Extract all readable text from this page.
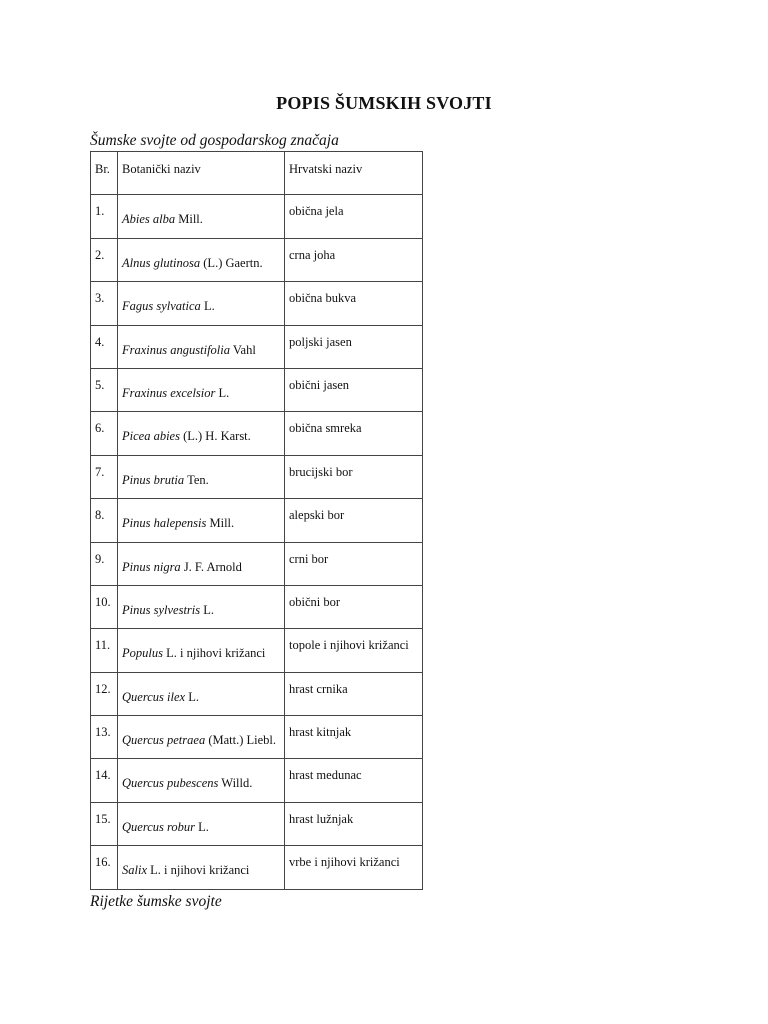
POPIS ŠUMSKIH SVOJTI
Šumske svojte od gospodarskog značaja
Br.	Botanički naziv	Hrvatski naziv

1.	Abies alba Mill.	obična jela

2.	Alnus glutinosa (L.) Gaertn.	crna joha

3.	Fagus sylvatica L.	obična bukva

4.	Fraxinus angustifolia Vahl	poljski jasen

5.	Fraxinus excelsior L.	obični jasen

6.	Picea abies (L.) H. Karst.	obična smreka

7.	Pinus brutia Ten.	brucijski bor

8.	Pinus halepensis Mill.	alepski bor

9.	Pinus nigra J. F. Arnold	crni bor

10.	Pinus sylvestris L.	obični bor

11.	Populus L. i njihovi križanci	topole i njihovi križanci

12.	Quercus ilex L.	hrast crnika

13.	Quercus petraea (Matt.) Liebl.	hrast kitnjak

14.	Quercus pubescens Willd.	hrast medunac

15.	Quercus robur L.	hrast lužnjak

16.	Salix L. i njihovi križanci	vrbe i njihovi križanci
Rijetke šumske svojte
